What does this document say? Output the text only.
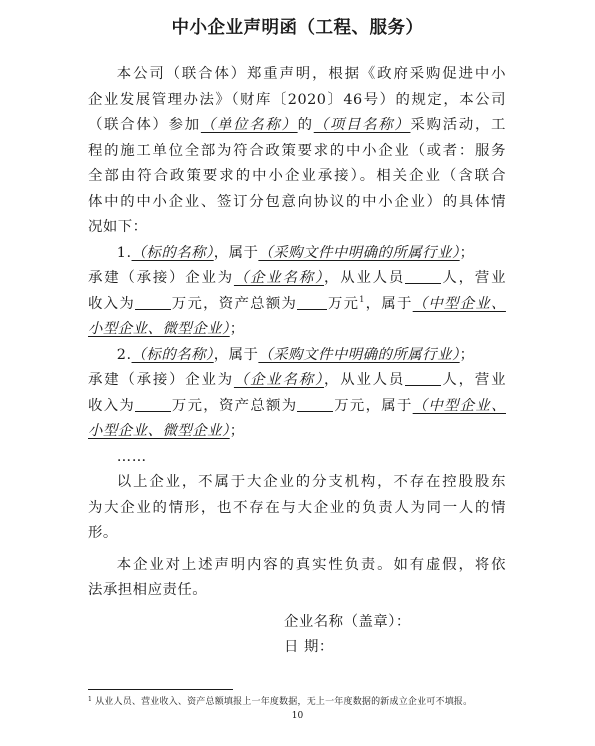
中小企业声明函（工程、服务）
本公司（联合体）郑重声明，根据《政府采购促进中小
企业发展管理办法》（财库〔2020〕46号）的规定，本公司
（联合体）参加（单位名称）的（项目名称）采购活动，工
程的施工单位全部为符合政策要求的中小企业（或者：服务
全部由符合政策要求的中小企业承接）。相关企业（含联合
体中的中小企业、签订分包意向协议的中小企业）的具体情
况如下：
1.（标的名称），属于（采购文件中明确的所属行业）；
承建（承接）企业为（企业名称），从业人员	人，营业
收入为	万元，资产总额为 万元$^1$，属于（中型企业、
小型企业、微型企业）；
2.（标的名称），属于（采购文件中明确的所属行业）；
承建（承接）企业为（企业名称），从业人员	人，营业
收入为	万元，资产总额为	万元，属于（中型企业、
小型企业、微型企业）；
……
以上企业，不属于大企业的分支机构，不存在控股股东
为大企业的情形，也不存在与大企业的负责人为同一人的情
形。
本企业对上述声明内容的真实性负责。如有虚假，将依
法承担相应责任。
企业名称（盖章）：
日 期：
$^1$ 从业人员、营业收入、资产总额填报上一年度数据，无上一年度数据的新成立企业可不填报。
10
